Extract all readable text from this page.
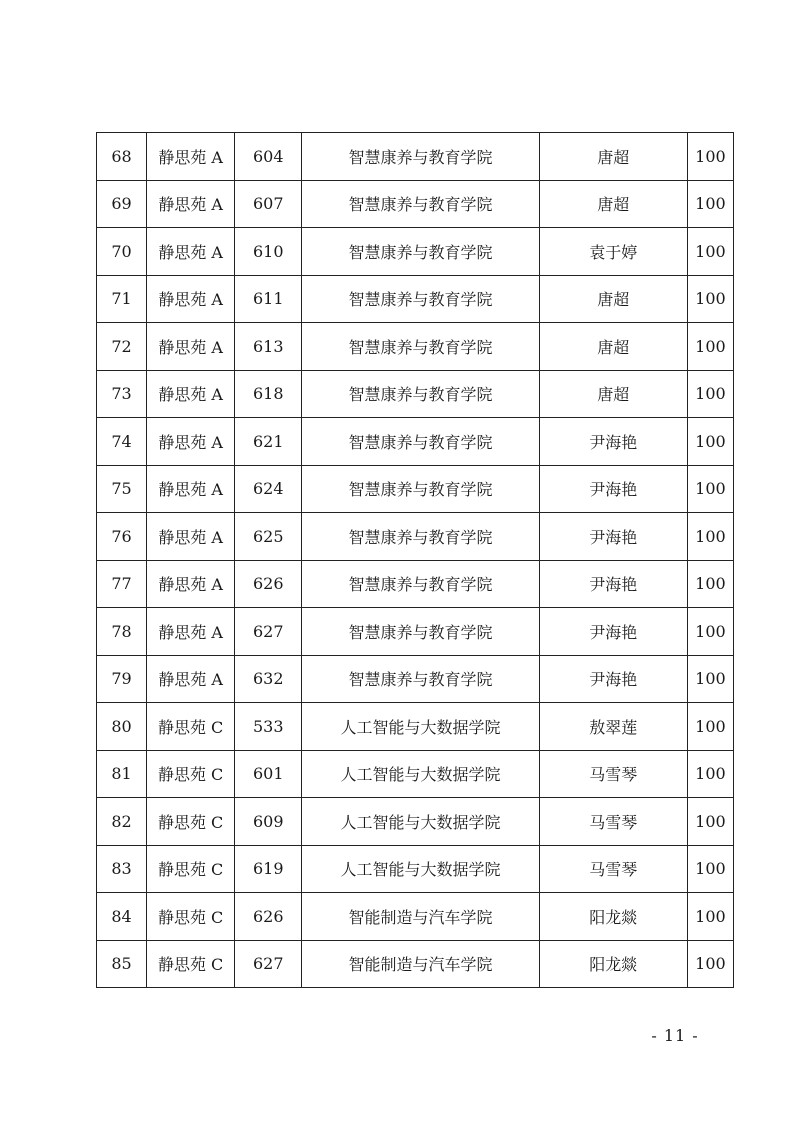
68	静思苑 A	604	智慧康养与教育学院	唐超	100
69	静思苑 A	607	智慧康养与教育学院	唐超	100
70	静思苑 A	610	智慧康养与教育学院	袁于婷	100
71	静思苑 A	611	智慧康养与教育学院	唐超	100
72	静思苑 A	613	智慧康养与教育学院	唐超	100
73	静思苑 A	618	智慧康养与教育学院	唐超	100
74	静思苑 A	621	智慧康养与教育学院	尹海艳	100
75	静思苑 A	624	智慧康养与教育学院	尹海艳	100
76	静思苑 A	625	智慧康养与教育学院	尹海艳	100
77	静思苑 A	626	智慧康养与教育学院	尹海艳	100
78	静思苑 A	627	智慧康养与教育学院	尹海艳	100
79	静思苑 A	632	智慧康养与教育学院	尹海艳	100
80	静思苑 C	533	人工智能与大数据学院	敖翠莲	100
81	静思苑 C	601	人工智能与大数据学院	马雪琴	100
82	静思苑 C	609	人工智能与大数据学院	马雪琴	100
83	静思苑 C	619	人工智能与大数据学院	马雪琴	100
84	静思苑 C	626	智能制造与汽车学院	阳龙燚	100
85	静思苑 C	627	智能制造与汽车学院	阳龙燚	100
- 11 -
